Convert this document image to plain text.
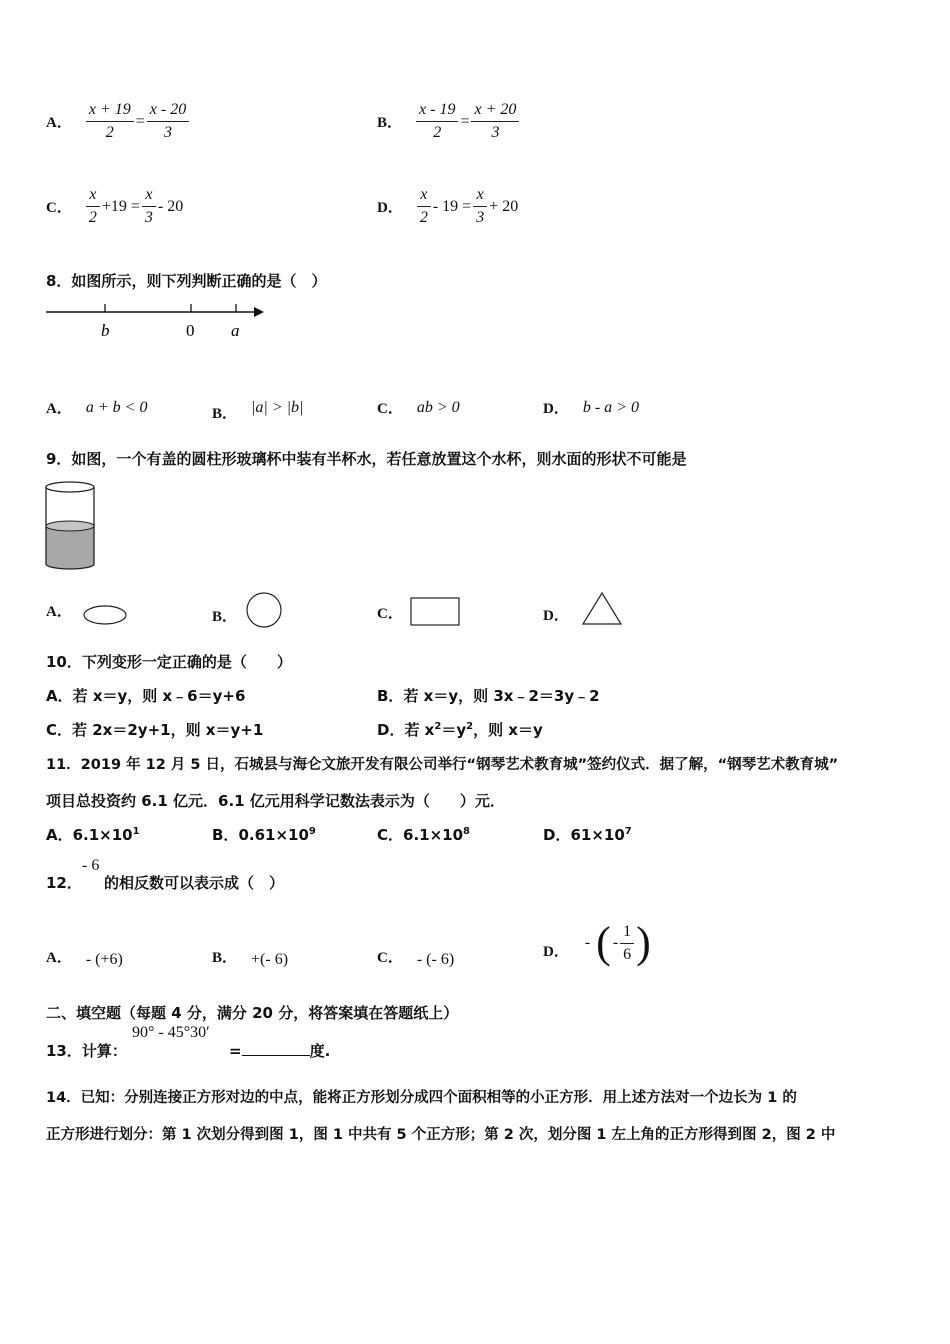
A． $\frac{x + 19}{2} = \frac{x - 20}{3}$	B． $\frac{x - 19}{2} = \frac{x + 20}{3}$
C． $\frac{x}{2} +19 = \frac{x}{3} - 20$	D． $\frac{x}{2} - 19 = \frac{x}{3} + 20$
8．如图所示，则下列判断正确的是（　）
b	0 a
A． a + b < 0	B． |a| > |b|	C． ab > 0	D． b - a > 0
9．如图，一个有盖的圆柱形玻璃杯中装有半杯水，若任意放置这个水杯，则水面的形状不可能是
A．	B．	C．	D．
10．下列变形一定正确的是（　　）
A．若 x＝y，则 x﹣6＝y+6	B．若 x＝y，则 3x﹣2＝3y﹣2
C．若 2x＝2y+1，则 x＝y+1	D．若 $x^2=y^2$，则 x＝y
11．2019 年 12 月 5 日，石城县与海仑文旅开发有限公司举行“钢琴艺术教育城”签约仪式．据了解，“钢琴艺术教育城”
项目总投资约 6.1 亿元．6.1 亿元用科学记数法表示为（　　）元．
A．$6.1\times 10^1$	B．$0.61\times 10^9$	C．$6.1\times 10^8$	D．$61\times 10^7$
12．
- 6
的相反数可以表示成（　）
A． - (+6)	B． +(- 6)	C． - (- 6)	D．
- ( - $\frac{1}{6}$ )
二、填空题（每题 4 分，满分 20 分，将答案填在答题纸上）
13．计算：
90° - 45°30′
=	度.
14．已知：分别连接正方形对边的中点，能将正方形划分成四个面积相等的小正方形．用上述方法对一个边长为 1 的
正方形进行划分：第 1 次划分得到图 1，图 1 中共有 5 个正方形；第 2 次，划分图 1 左上角的正方形得到图 2，图 2 中
